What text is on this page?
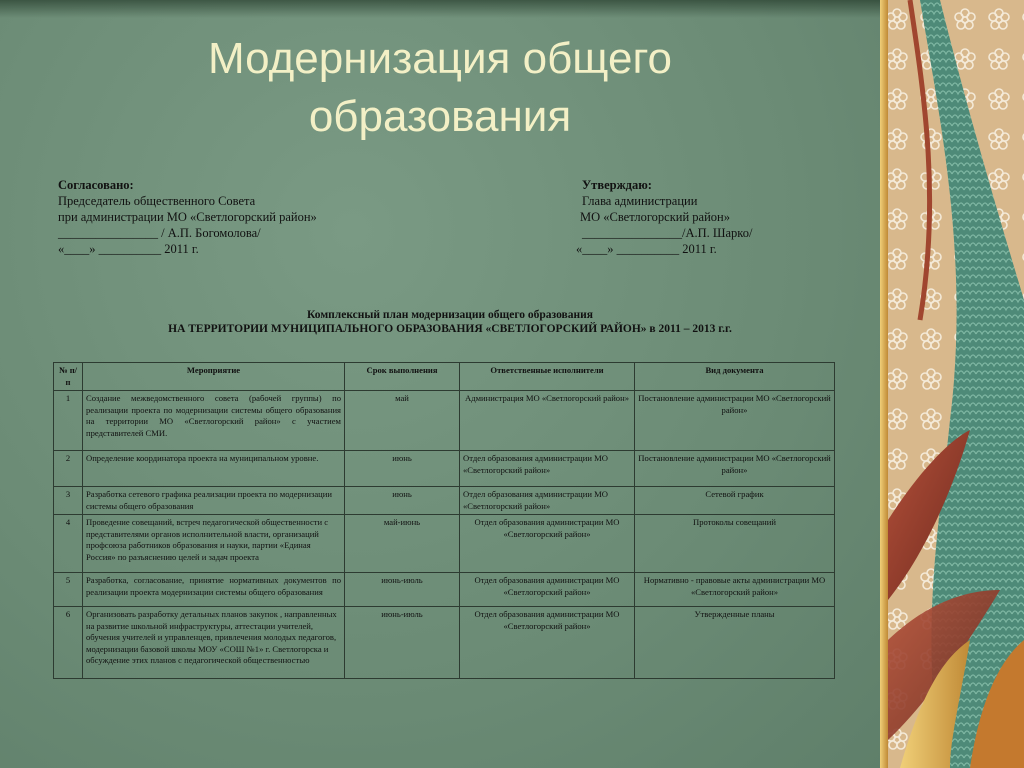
Модернизация общего
образования
Согласовано:
Председатель общественного Совета
при администрации МО «Светлогорский район»
________________ / А.П. Богомолова/
«____» __________ 2011 г.
Утверждаю:
Глава администрации
МО «Светлогорский район»
________________/А.П. Шарко/
«____» __________ 2011 г.
Комплексный план модернизации общего образования
НА ТЕРРИТОРИИ МУНИЦИПАЛЬНОГО ОБРАЗОВАНИЯ «СВЕТЛОГОРСКИЙ РАЙОН» в 2011 – 2013 г.г.
№ п/п	Мероприятие	Срок выполнения	Ответственные исполнители	Вид документа
1	Создание межведомственного совета (рабочей группы) по реализации проекта по модернизации системы общего образования на территории МО «Светлогорский район» с участием представителей СМИ.	май	Администрация МО «Светлогорский район»	Постановление администрации МО «Светлогорский район»
2	Определение координатора проекта на муниципальном уровне.	июнь	Отдел образования администрации МО «Светлогорский район»	Постановление администрации МО «Светлогорский район»
3	Разработка сетевого графика реализации проекта по модернизации системы общего образования	июнь	Отдел образования администрации МО «Светлогорский район»	Сетевой график
4	Проведение совещаний, встреч педагогической общественности с представителями органов исполнительной власти, организаций профсоюза работников образования и науки, партии «Единая Россия» по разъяснению целей и задач проекта	май-июнь	Отдел образования администрации МО «Светлогорский район»	Протоколы совещаний
5	Разработка, согласование, принятие нормативных документов по реализации проекта модернизации системы общего образования	июнь-июль	Отдел образования администрации МО «Светлогорский район»	Нормативно - правовые акты администрации МО «Светлогорский район»
6	Организовать разработку детальных планов закупок , направленных на развитие школьной инфраструктуры, аттестации учителей, обучения учителей и управленцев, привлечения молодых педагогов, модернизации базовой школы МОУ «СОШ №1» г. Светлогорска и обсуждение этих планов с педагогической общественностью	июнь-июль	Отдел образования администрации МО «Светлогорский район»	Утвержденные планы
